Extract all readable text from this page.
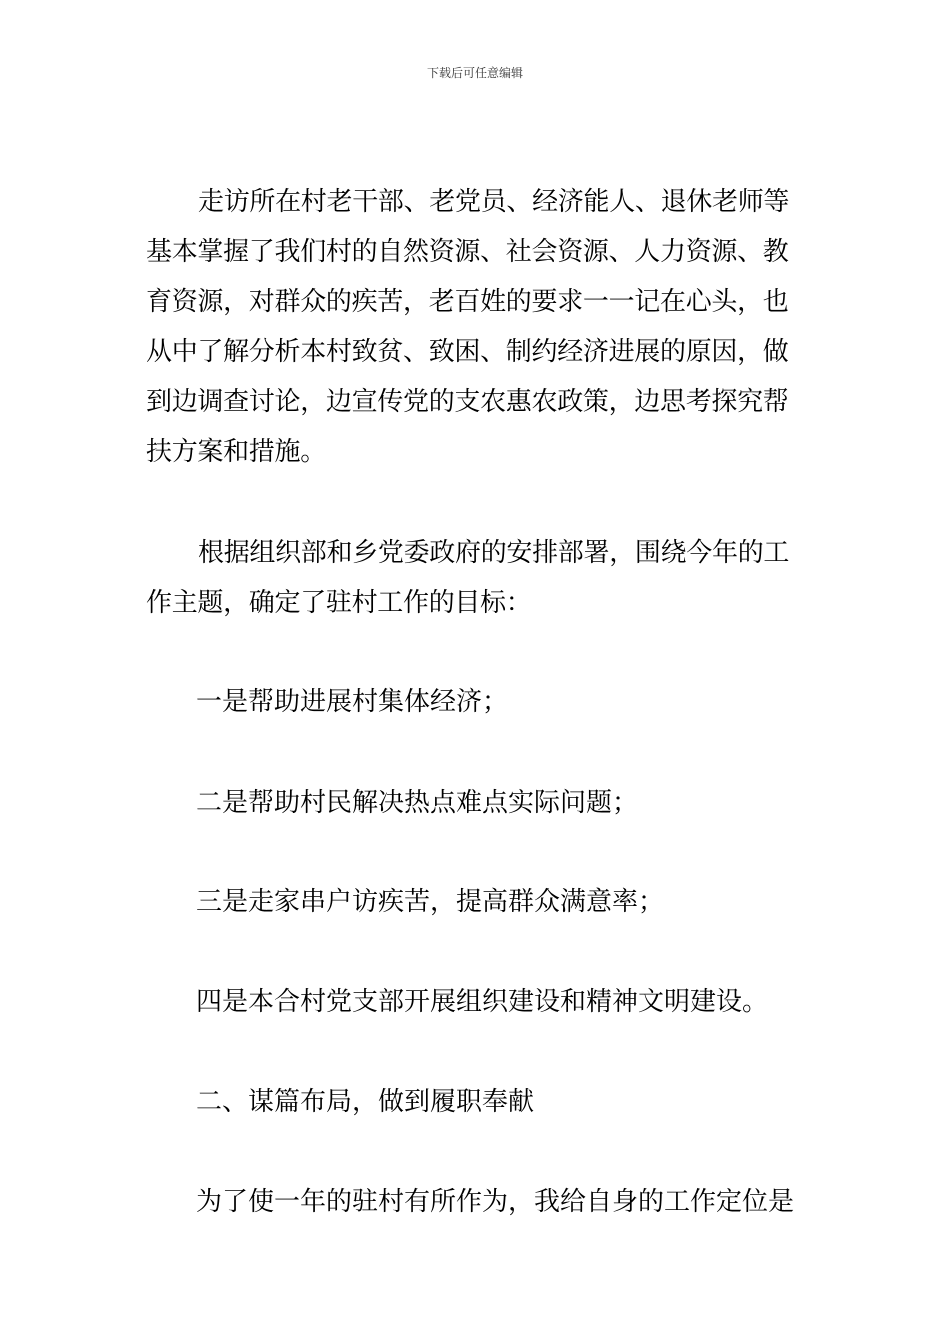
下载后可任意编辑

走访所在村老干部、老党员、经济能人、退休老师等基本掌握了我们村的自然资源、社会资源、人力资源、教育资源，对群众的疾苦，老百姓的要求一一记在心头，也从中了解分析本村致贫、致困、制约经济进展的原因，做到边调查讨论，边宣传党的支农惠农政策，边思考探究帮扶方案和措施。

根据组织部和乡党委政府的安排部署，围绕今年的工作主题，确定了驻村工作的目标：

一是帮助进展村集体经济；
二是帮助村民解决热点难点实际问题；
三是走家串户访疾苦，提高群众满意率；
四是本合村党支部开展组织建设和精神文明建设。
二、谋篇布局，做到履职奉献
为了使一年的驻村有所作为，我给自身的工作定位是
